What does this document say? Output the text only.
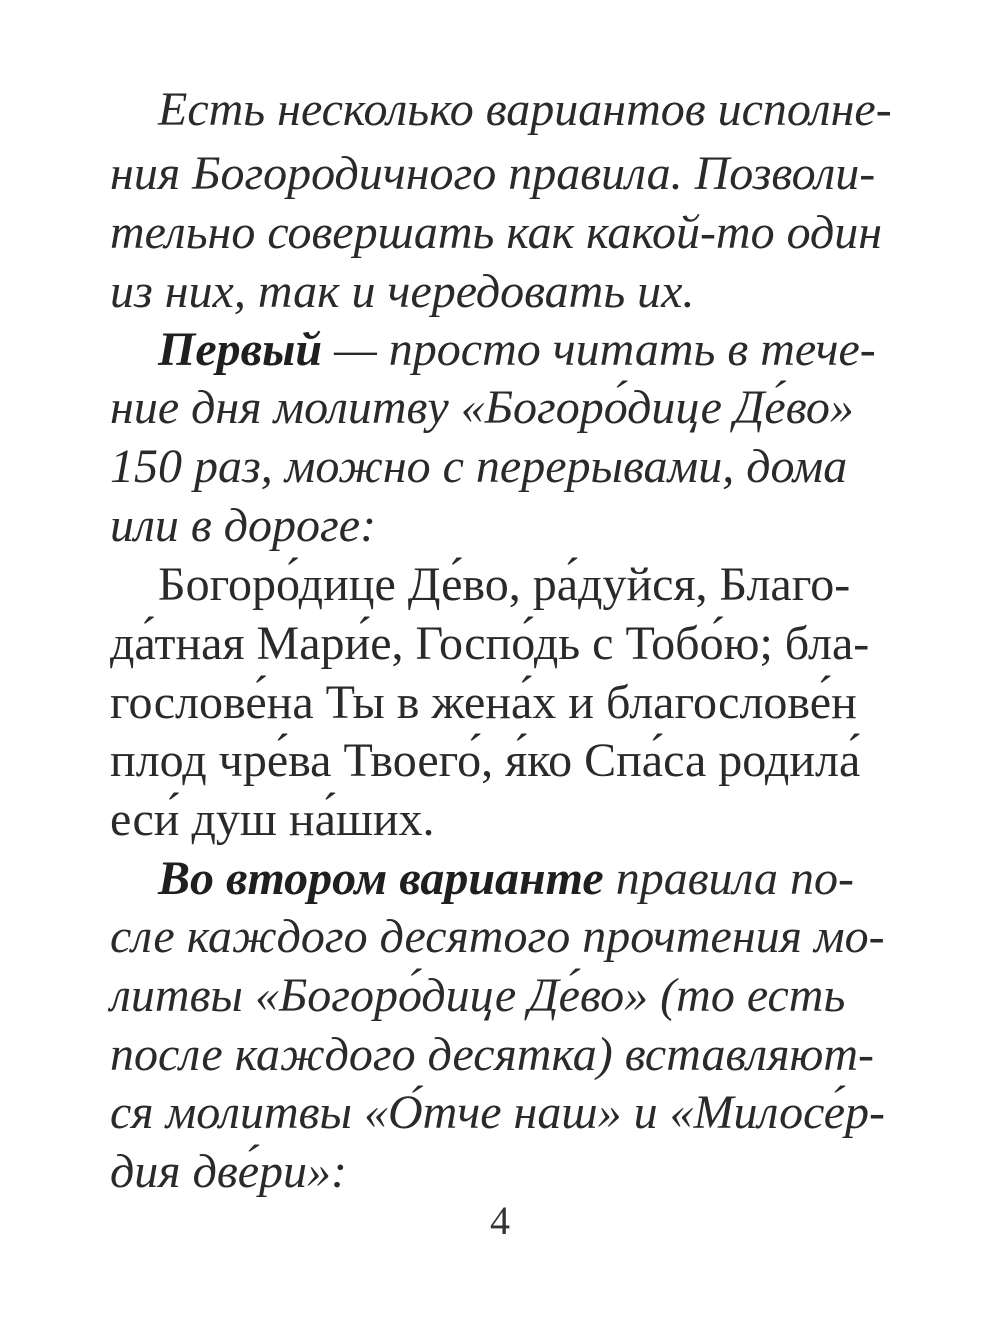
Есть несколько вариантов исполне-
ния Богородичного правила. Позволи-
тельно совершать как какой-то один
из них, так и чередовать их.
Первый — просто читать в тече-
ние дня молитву «Богоро́дице Де́во»
150 раз, можно с перерывами, дома
или в дороге:
Богоро́дице Де́во, ра́дуйся, Благо-
да́тная Мари́е, Госпо́дь с Тобо́ю; бла-
гослове́на Ты в жена́х и благослове́н
плод чре́ва Твоего́, я́ко Спа́са родила́
еси́ душ на́ших.
Во втором варианте правила по-
сле каждого десятого прочтения мо-
литвы «Богоро́дице Де́во» (то есть
после каждого десятка) вставляют-
ся молитвы «О́тче наш» и «Милосе́р-
дия две́ри»:
4
